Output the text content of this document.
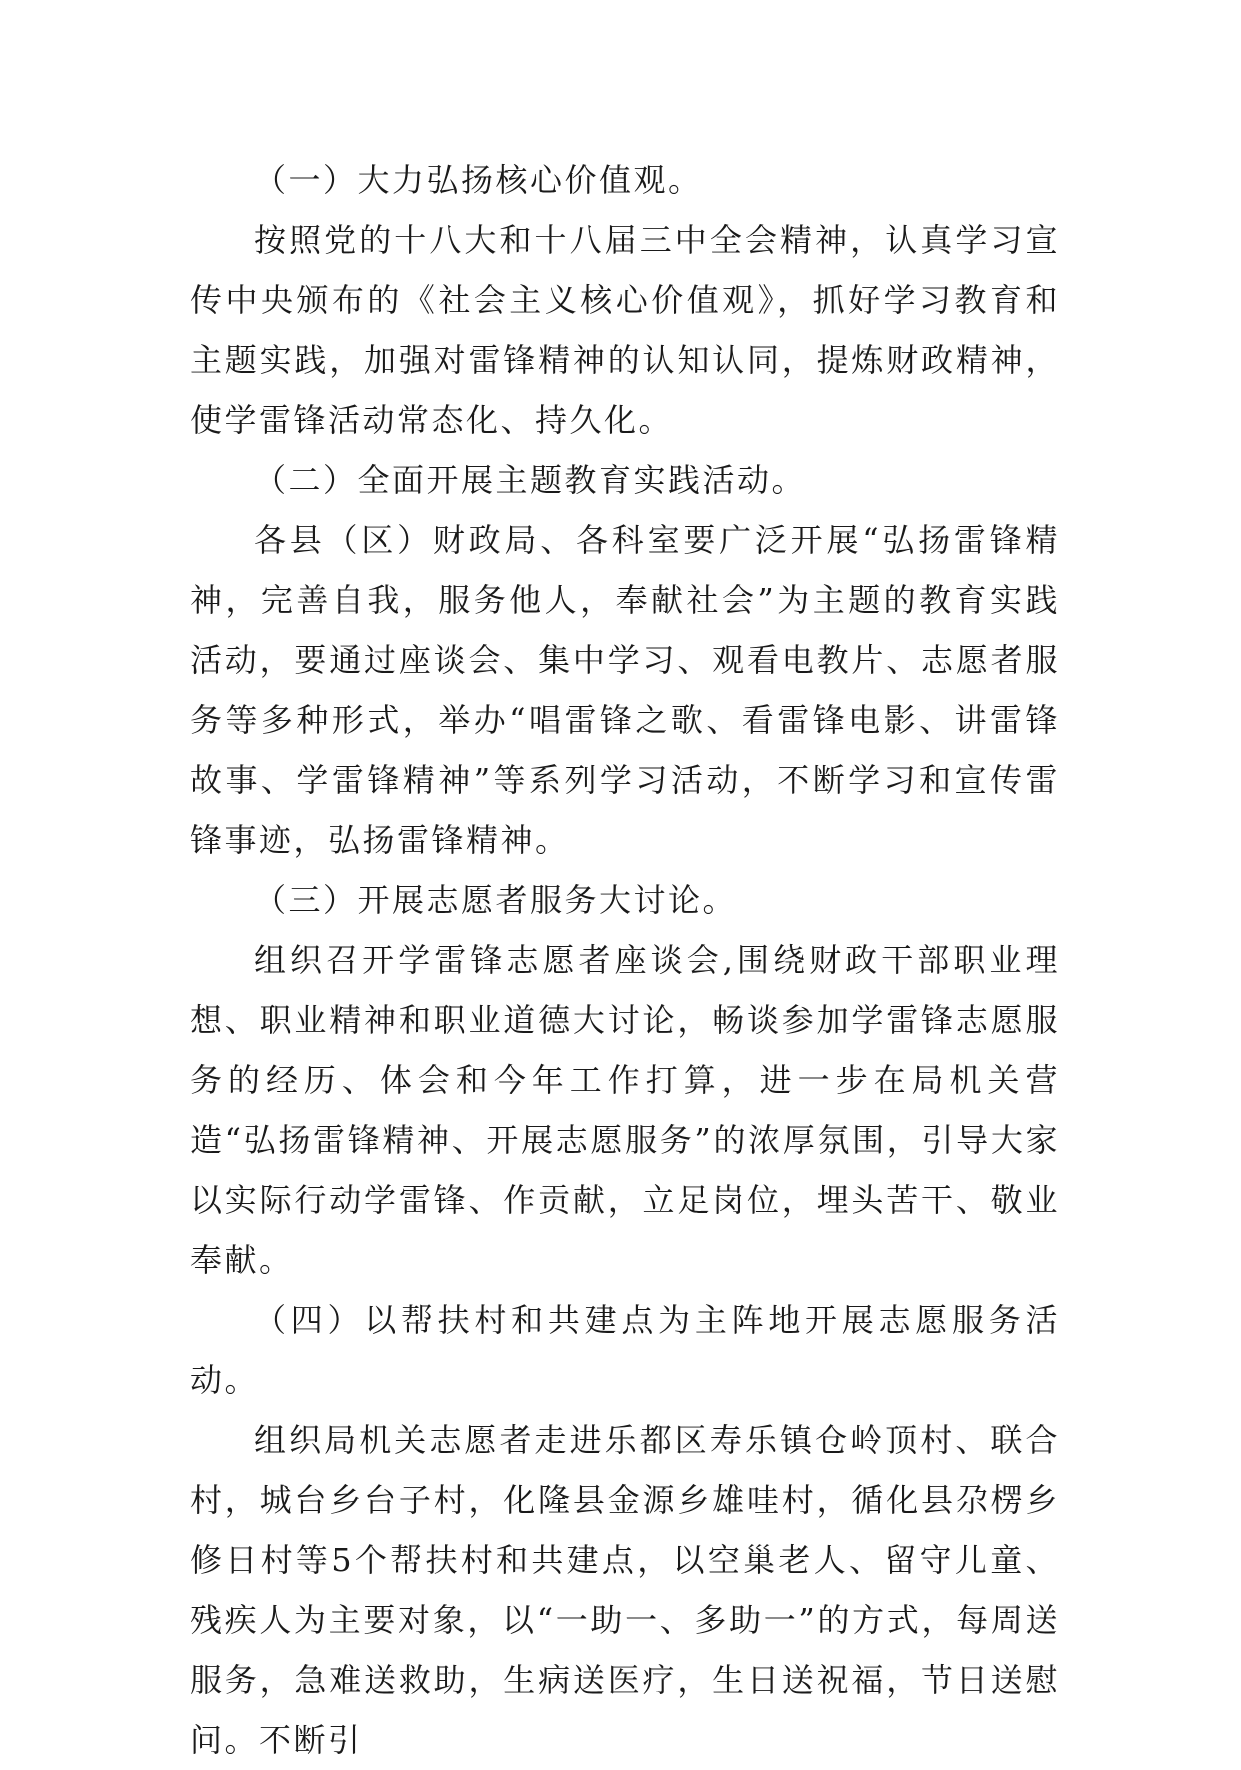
（一）大力弘扬核心价值观。

按照党的十八大和十八届三中全会精神，认真学习宣传中央颁布的《社会主义核心价值观》，抓好学习教育和主题实践，加强对雷锋精神的认知认同，提炼财政精神，使学雷锋活动常态化、持久化。

（二）全面开展主题教育实践活动。

各县（区）财政局、各科室要广泛开展“弘扬雷锋精神，完善自我，服务他人，奉献社会”为主题的教育实践活动，要通过座谈会、集中学习、观看电教片、志愿者服务等多种形式，举办“唱雷锋之歌、看雷锋电影、讲雷锋故事、学雷锋精神”等系列学习活动，不断学习和宣传雷锋事迹，弘扬雷锋精神。

（三）开展志愿者服务大讨论。

组织召开学雷锋志愿者座谈会,围绕财政干部职业理想、职业精神和职业道德大讨论，畅谈参加学雷锋志愿服务的经历、体会和今年工作打算，进一步在局机关营造“弘扬雷锋精神、开展志愿服务”的浓厚氛围，引导大家以实际行动学雷锋、作贡献，立足岗位，埋头苦干、敬业奉献。

（四）以帮扶村和共建点为主阵地开展志愿服务活动。

组织局机关志愿者走进乐都区寿乐镇仓岭顶村、联合村，城台乡台子村，化隆县金源乡雄哇村，循化县尕楞乡修日村等5个帮扶村和共建点，以空巢老人、留守儿童、残疾人为主要对象，以“一助一、多助一”的方式，每周送服务，急难送救助，生病送医疗，生日送祝福，节日送慰问。不断引
